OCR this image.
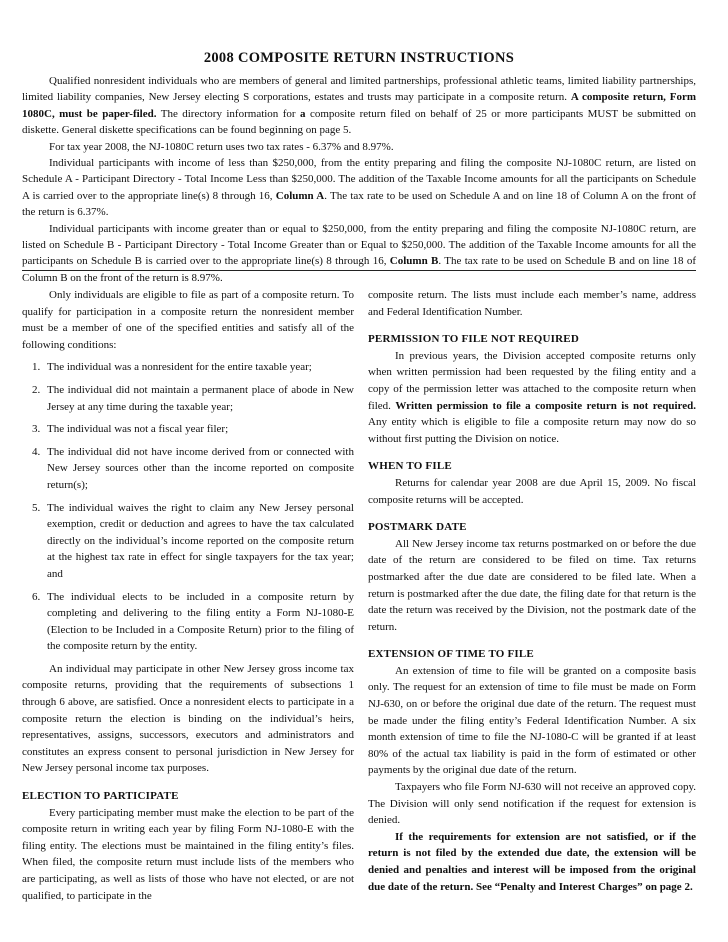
2008 COMPOSITE RETURN INSTRUCTIONS

Qualified nonresident individuals who are members of general and limited partnerships, professional athletic teams, limited liability partnerships, limited liability companies, New Jersey electing S corporations, estates and trusts may participate in a composite return. A composite return, Form 1080C, must be paper-filed. The directory information for a composite return filed on behalf of 25 or more participants MUST be submitted on diskette. General diskette specifications can be found beginning on page 5.

For tax year 2008, the NJ-1080C return uses two tax rates - 6.37% and 8.97%.

Individual participants with income of less than $250,000, from the entity preparing and filing the composite NJ-1080C return, are listed on Schedule A - Participant Directory - Total Income Less than $250,000. The addition of the Taxable Income amounts for all the participants on Schedule A is carried over to the appropriate line(s) 8 through 16, Column A. The tax rate to be used on Schedule A and on line 18 of Column A on the front of the return is 6.37%.

Individual participants with income greater than or equal to $250,000, from the entity preparing and filing the composite NJ-1080C return, are listed on Schedule B - Participant Directory - Total Income Greater than or Equal to $250,000. The addition of the Taxable Income amounts for all the participants on Schedule B is carried over to the appropriate line(s) 8 through 16, Column B. The tax rate to be used on Schedule B and on line 18 of Column B on the front of the return is 8.97%.

Only individuals are eligible to file as part of a composite return. To qualify for participation in a composite return the nonresident member must be a member of one of the specified entities and satisfy all of the following conditions:

1. The individual was a nonresident for the entire taxable year;
2. The individual did not maintain a permanent place of abode in New Jersey at any time during the taxable year;
3. The individual was not a fiscal year filer;
4. The individual did not have income derived from or connected with New Jersey sources other than the income reported on composite return(s);
5. The individual waives the right to claim any New Jersey personal exemption, credit or deduction and agrees to have the tax calculated directly on the individual’s income reported on the composite return at the highest tax rate in effect for single taxpayers for the tax year; and
6. The individual elects to be included in a composite return by completing and delivering to the filing entity a Form NJ-1080-E (Election to be Included in a Composite Return) prior to the filing of the composite return by the entity.

An individual may participate in other New Jersey gross income tax composite returns, providing that the requirements of subsections 1 through 6 above, are satisfied. Once a nonresident elects to participate in a composite return the election is binding on the individual’s heirs, representatives, assigns, successors, executors and administrators and constitutes an express consent to personal jurisdiction in New Jersey for New Jersey personal income tax purposes.

ELECTION TO PARTICIPATE

Every participating member must make the election to be part of the composite return in writing each year by filing Form NJ-1080-E with the filing entity. The elections must be maintained in the filing entity’s files. When filed, the composite return must include lists of the members who are participating, as well as lists of those who have not elected, or are not qualified, to participate in the

composite return. The lists must include each member’s name, address and Federal Identification Number.

PERMISSION TO FILE NOT REQUIRED

In previous years, the Division accepted composite returns only when written permission had been requested by the filing entity and a copy of the permission letter was attached to the composite return when filed. Written permission to file a composite return is not required. Any entity which is eligible to file a composite return may now do so without first putting the Division on notice.

WHEN TO FILE

Returns for calendar year 2008 are due April 15, 2009. No fiscal composite returns will be accepted.

POSTMARK DATE

All New Jersey income tax returns postmarked on or before the due date of the return are considered to be filed on time. Tax returns postmarked after the due date are considered to be filed late. When a return is postmarked after the due date, the filing date for that return is the date the return was received by the Division, not the postmark date of the return.

EXTENSION OF TIME TO FILE

An extension of time to file will be granted on a composite basis only. The request for an extension of time to file must be made on Form NJ-630, on or before the original due date of the return. The request must be made under the filing entity’s Federal Identification Number. A six month extension of time to file the NJ-1080-C will be granted if at least 80% of the actual tax liability is paid in the form of estimated or other payments by the original due date of the return.

Taxpayers who file Form NJ-630 will not receive an approved copy. The Division will only send notification if the request for extension is denied.

If the requirements for extension are not satisfied, or if the return is not filed by the extended due date, the extension will be denied and penalties and interest will be imposed from the original due date of the return. See “Penalty and Interest Charges” on page 2.
